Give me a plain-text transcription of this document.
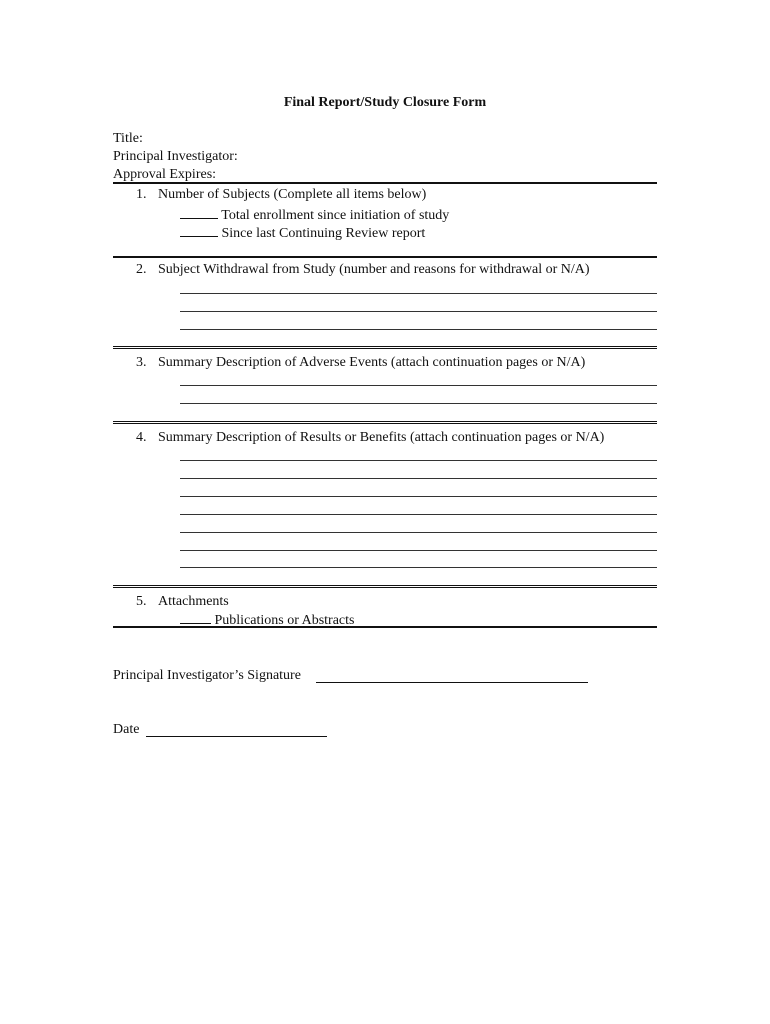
Final Report/Study Closure Form
Title:
Principal Investigator:
Approval Expires:
1. Number of Subjects (Complete all items below)
Total enrollment since initiation of study
Since last Continuing Review report
2. Subject Withdrawal from Study (number and reasons for withdrawal or N/A)
3. Summary Description of Adverse Events (attach continuation pages or N/A)
4. Summary Description of Results or Benefits (attach continuation pages or N/A)
5. Attachments
Publications or Abstracts
Principal Investigator’s Signature
Date
